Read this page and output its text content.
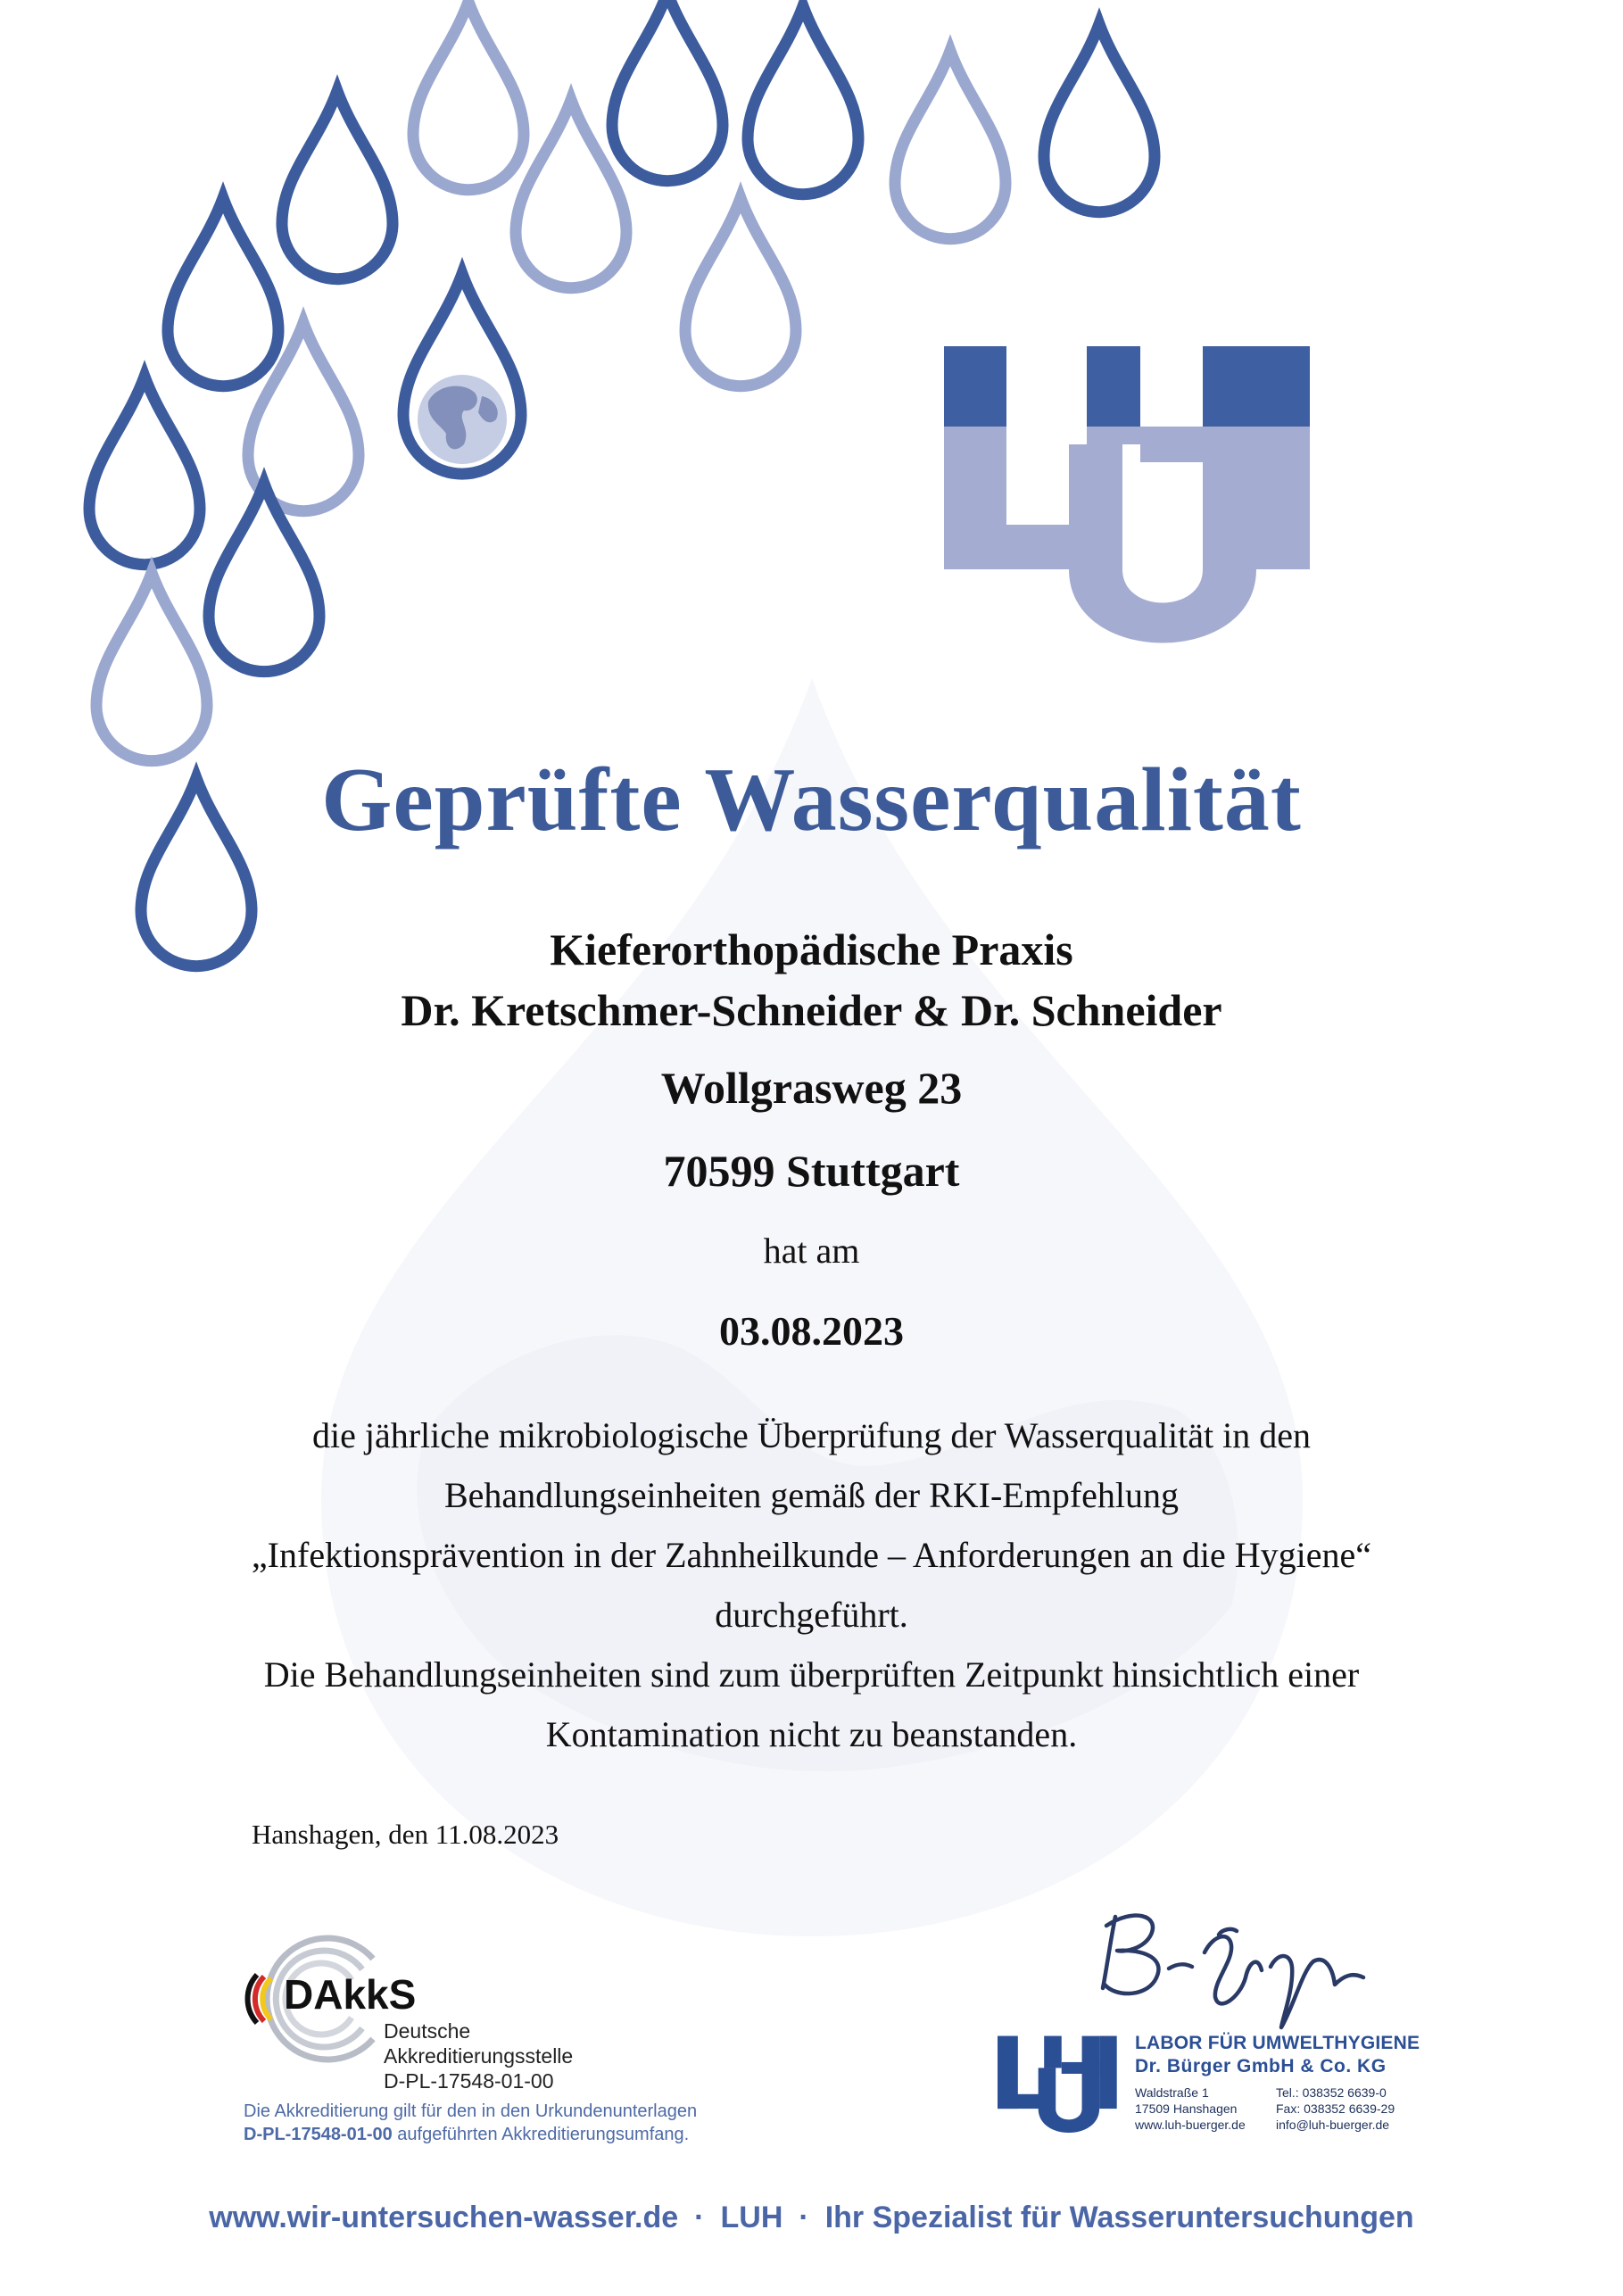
Geprüfte Wasserqualität
Kieferorthopädische Praxis
Dr. Kretschmer-Schneider & Dr. Schneider
Wollgrasweg 23
70599 Stuttgart
hat am
03.08.2023
die jährliche mikrobiologische Überprüfung der Wasserqualität in den
Behandlungseinheiten gemäß der RKI-Empfehlung
„Infektionsprävention in der Zahnheilkunde – Anforderungen an die Hygiene“
durchgeführt.
Die Behandlungseinheiten sind zum überprüften Zeitpunkt hinsichtlich einer
Kontamination nicht zu beanstanden.
Hanshagen, den 11.08.2023
DAkkS
Deutsche
Akkreditierungsstelle
D-PL-17548-01-00
Die Akkreditierung gilt für den in den Urkundenunterlagen
D-PL-17548-01-00 aufgeführten Akkreditierungsumfang.
LABOR FÜR UMWELTHYGIENE
Dr. Bürger GmbH & Co. KG
Waldstraße 1
17509 Hanshagen
www.luh-buerger.de
Tel.: 038352 6639-0
Fax: 038352 6639-29
info@luh-buerger.de
www.wir-untersuchen-wasser.de · LUH · Ihr Spezialist für Wasseruntersuchungen
